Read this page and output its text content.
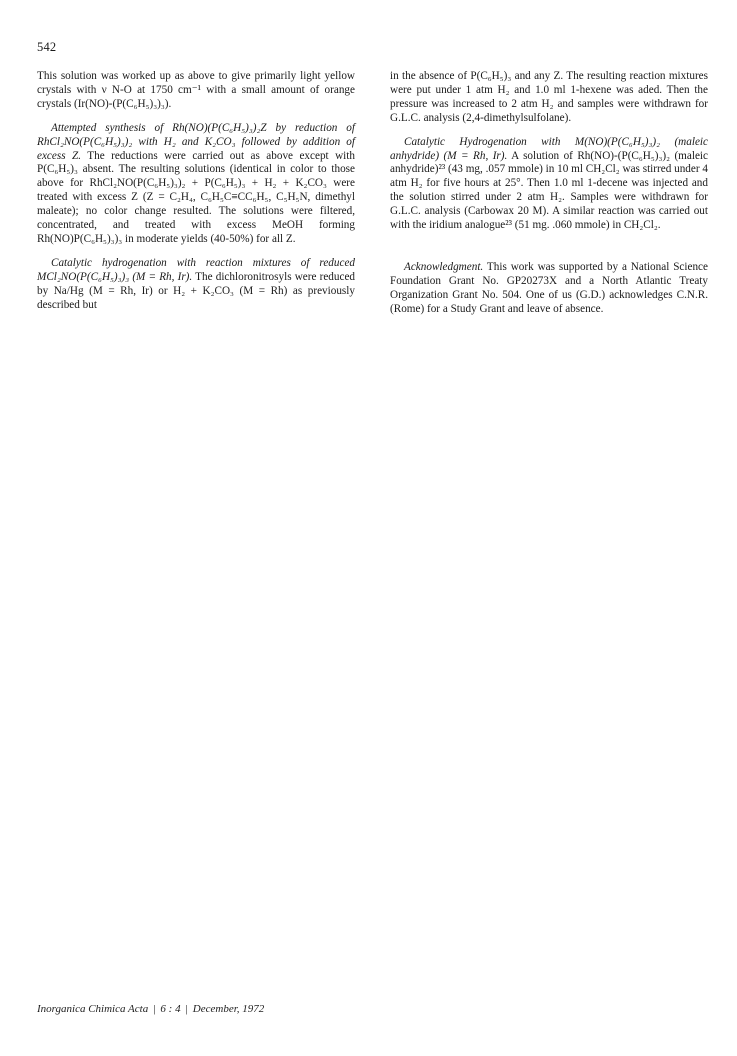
542

This solution was worked up as above to give primarily light yellow crystals with ν N-O at 1750 cm⁻¹ with a small amount of orange crystals (Ir(NO)-(P(C₆H₅)₃)₃).

Attempted synthesis of Rh(NO)(P(C₆H₅)₃)₂Z by reduction of RhCl₂NO(P(C₆H₅)₃)₂ with H₂ and K₂CO₃ followed by addition of excess Z. The reductions were carried out as above except with P(C₆H₅)₃ absent. The resulting solutions (identical in color to those above for RhCl₂NO(P(C₆H₅)₃)₂ + P(C₆H₅)₃ + H₂ + K₂CO₃ were treated with excess Z (Z = C₂H₄, C₆H₅C≡CC₆H₅, C₅H₅N, dimethyl maleate); no color change resulted. The solutions were filtered, concentrated, and treated with excess MeOH forming Rh(NO)P(C₆H₅)₃)₃ in moderate yields (40-50%) for all Z.

Catalytic hydrogenation with reaction mixtures of reduced MCl₂NO(P(C₆H₅)₃)₃ (M = Rh, Ir). The dichloronitrosyls were reduced by Na/Hg (M = Rh, Ir) or H₂ + K₂CO₃ (M = Rh) as previously described but

in the absence of P(C₆H₅)₃ and any Z. The resulting reaction mixtures were put under 1 atm H₂ and 1.0 ml 1-hexene was aded. Then the pressure was increased to 2 atm H₂ and samples were withdrawn for G.L.C. analysis (2,4-dimethylsulfolane).

Catalytic Hydrogenation with M(NO)(P(C₆H₅)₃)₂ (maleic anhydride) (M = Rh, Ir). A solution of Rh(NO)-(P(C₆H₅)₃)₂ (maleic anhydride)²³ (43 mg, .057 mmole) in 10 ml CH₂Cl₂ was stirred under 4 atm H₂ for five hours at 25°. Then 1.0 ml 1-decene was injected and the solution stirred under 2 atm H₂. Samples were withdrawn for G.L.C. analysis (Carbowax 20 M). A similar reaction was carried out with the iridium analogue²³ (51 mg. .060 mmole) in CH₂Cl₂.

Acknowledgment. This work was supported by a National Science Foundation Grant No. GP20273X and a North Atlantic Treaty Organization Grant No. 504. One of us (G.D.) acknowledges C.N.R. (Rome) for a Study Grant and leave of absence.

Inorganica Chimica Acta | 6 : 4 | December, 1972
